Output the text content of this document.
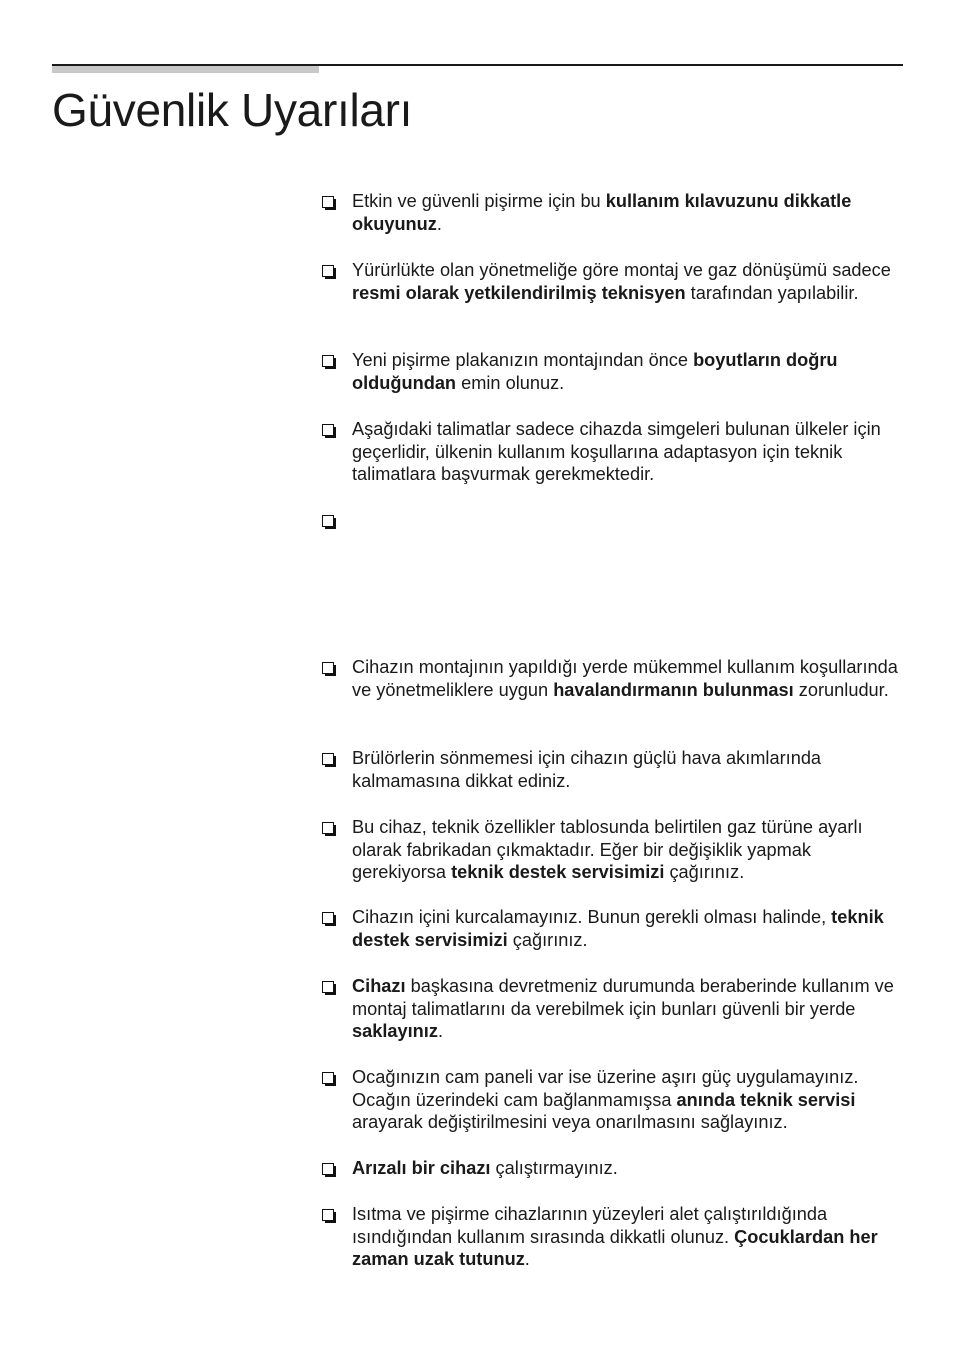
Güvenlik Uyarıları
Etkin ve güvenli pişirme için bu kullanım kılavuzunu dikkatle okuyunuz.
Yürürlükte olan yönetmeliğe göre montaj ve gaz dönüşümü sadece resmi olarak yetkilendirilmiş teknisyen tarafından yapılabilir.
Yeni pişirme plakanızın montajından önce boyutların doğru olduğundan emin olunuz.
Aşağıdaki talimatlar sadece cihazda simgeleri bulunan ülkeler için geçerlidir, ülkenin kullanım koşullarına adaptasyon için teknik talimatlara başvurmak gerekmektedir.
Cihazın montajının yapıldığı yerde mükemmel kullanım koşullarında ve yönetmeliklere uygun havalandırmanın bulunması zorunludur.
Brülörlerin sönmemesi için cihazın güçlü hava akımlarında kalmamasına dikkat ediniz.
Bu cihaz, teknik özellikler tablosunda belirtilen gaz türüne ayarlı olarak fabrikadan çıkmaktadır. Eğer bir değişiklik yapmak gerekiyorsa teknik destek servisimizi çağırınız.
Cihazın içini kurcalamayınız. Bunun gerekli olması halinde, teknik destek servisimizi çağırınız.
Cihazı başkasına devretmeniz durumunda beraberinde kullanım ve montaj talimatlarını da verebilmek için bunları güvenli bir yerde saklayınız.
Ocağınızın cam paneli var ise üzerine aşırı güç uygulamayınız. Ocağın üzerindeki cam bağlanmamışsa anında teknik servisi arayarak değiştirilmesini veya onarılmasını sağlayınız.
Arızalı bir cihazı çalıştırmayınız.
Isıtma ve pişirme cihazlarının yüzeyleri alet çalıştırıldığında ısındığından kullanım sırasında dikkatli olunuz. Çocuklardan her zaman uzak tutunuz.
